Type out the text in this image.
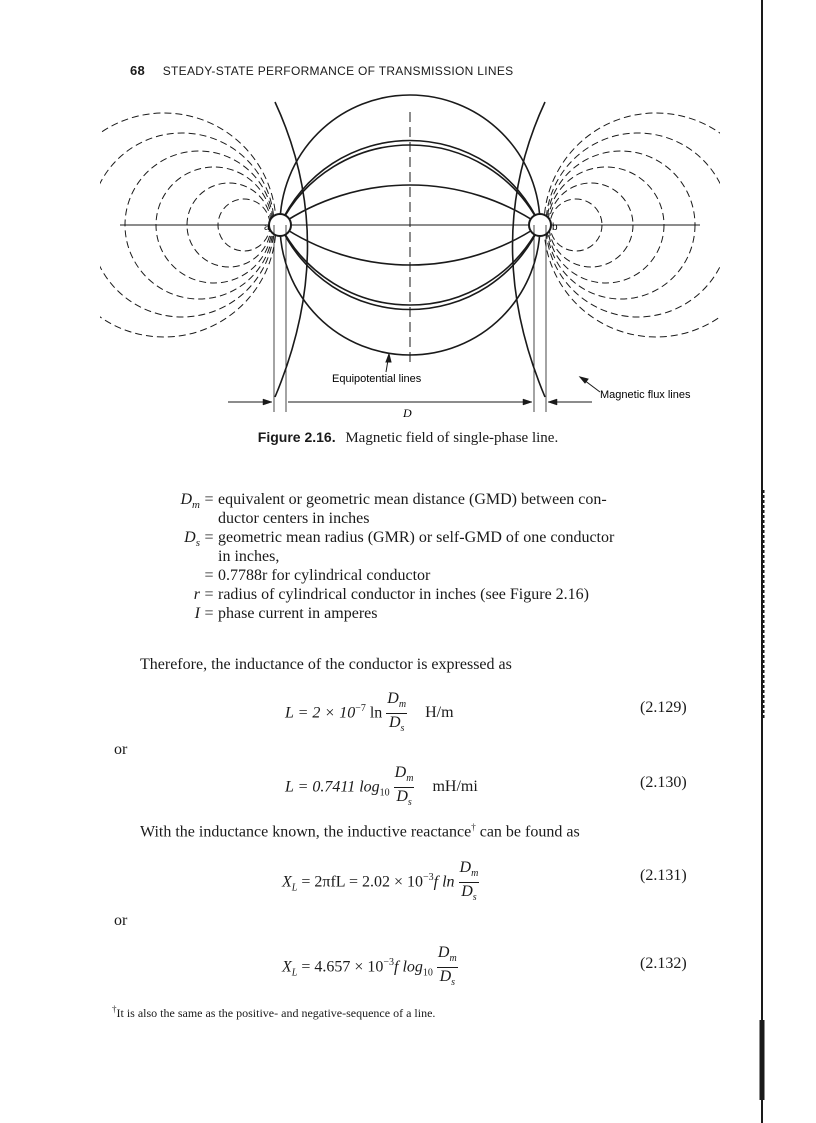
68 STEADY-STATE PERFORMANCE OF TRANSMISSION LINES
a	b
Equipotential lines
Magnetic flux lines
D
Figure 2.16. Magnetic field of single-phase line.
$D_m$ = equivalent or geometric mean distance (GMD) between con-
ductor centers in inches
$D_s$ = geometric mean radius (GMR) or self-GMD of one conductor
in inches,
= 0.7788r for cylindrical conductor
r = radius of cylindrical conductor in inches (see Figure 2.16)
I = phase current in amperes
Therefore, the inductance of the conductor is expressed as
$L = 2 \times 10^{-7}$ $\ln \frac{D_m}{D_s} H/m$	(2.129)
or
L = 0.7411 $\log_{10} \frac{D_m}{D_s} mH/mi$	(2.130)
With the inductance known, the inductive reactance† can be found as
$X_L = 2\pi fL = 2.02 \times 10^{-3}f$ $\ln \frac{D_m}{D_s}$	(2.131)
or
$X_L = 4.657 \times 10^{-3}f$ $\log_{10} \frac{D_m}{D_s}$	(2.132)
†It is also the same as the positive- and negative-sequence of a line.
